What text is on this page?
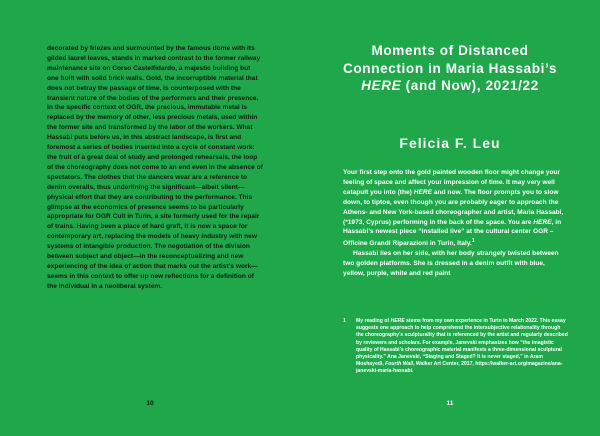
decorated by friezes and surmounted by the famous dome with its gilded laurel leaves, stands in marked contrast to the former railway maintenance site on Corso Castelfidardo, a majestic building but one built with solid brick walls. Gold, the incorruptible material that does not betray the passage of time, is counterposed with the transient nature of the bodies of the performers and their presence. In the specific context of OGR, the precious, immutable metal is replaced by the memory of other, less precious metals, used within the former site and transformed by the labor of the workers. What Hassabi puts before us, in this abstract landscape, is first and foremost a series of bodies inserted into a cycle of constant work: the fruit of a great deal of study and prolonged rehearsals, the loop of the choreography does not come to an end even in the absence of spectators. The clothes that the dancers wear are a reference to denim overalls, thus underlining the significant—albeit silent—physical effort that they are contributing to the performance. This glimpse at the economics of presence seems to be particularly appropriate for OGR Cult in Turin, a site formerly used for the repair of trains. Having been a place of hard graft, it is now a space for contemporary art, replacing the models of heavy industry with new systems of intangible production. The negotiation of the division between subject and object—in the reconceptualizing and new experiencing of the idea of action that marks out the artist’s work—seems in this context to offer up new reflections for a definition of the individual in a neoliberal system.

10
Moments of Distanced Connection in Maria Hassabi’s HERE (and Now), 2021/22
Felicia F. Leu

Your first step onto the gold painted wooden floor might change your feeling of space and affect your impression of time. It may very well catapult you into (the) HERE and now. The floor prompts you to slow down, to tiptoe, even though you are probably eager to approach the Athens- and New York-based choreographer and artist, Maria Hassabi, (*1973, Cyprus) performing in the back of the space. You are HERE, in Hassabi’s newest piece “installed live” at the cultural center OGR – Officine Grandi Riparazioni in Turin, Italy.$^1$

Hassabi lies on her side, with her body strangely twisted between two golden platforms. She is dressed in a denim outfit with blue, yellow, purple, white and red paint

1	My reading of HERE stems from my own experience in Turin in March 2022. This essay suggests one approach to help comprehend the intersubjective relationality through the choreography’s sculpturality that is referenced by the artist and regularly described by reviewers and scholars. For example, Janevski emphasizes how “the imagistic quality of Hassabi’s choreographic material manifests a three-dimensional sculptural physicality.” Ana Janevski, “Staging and Staged? It is never staged,” in Aram Moshayedi, Fourth Wall, Walker Art Center, 2017, https://walker-art.org/magazine/ana-janevski-maria-hassabi.
11
